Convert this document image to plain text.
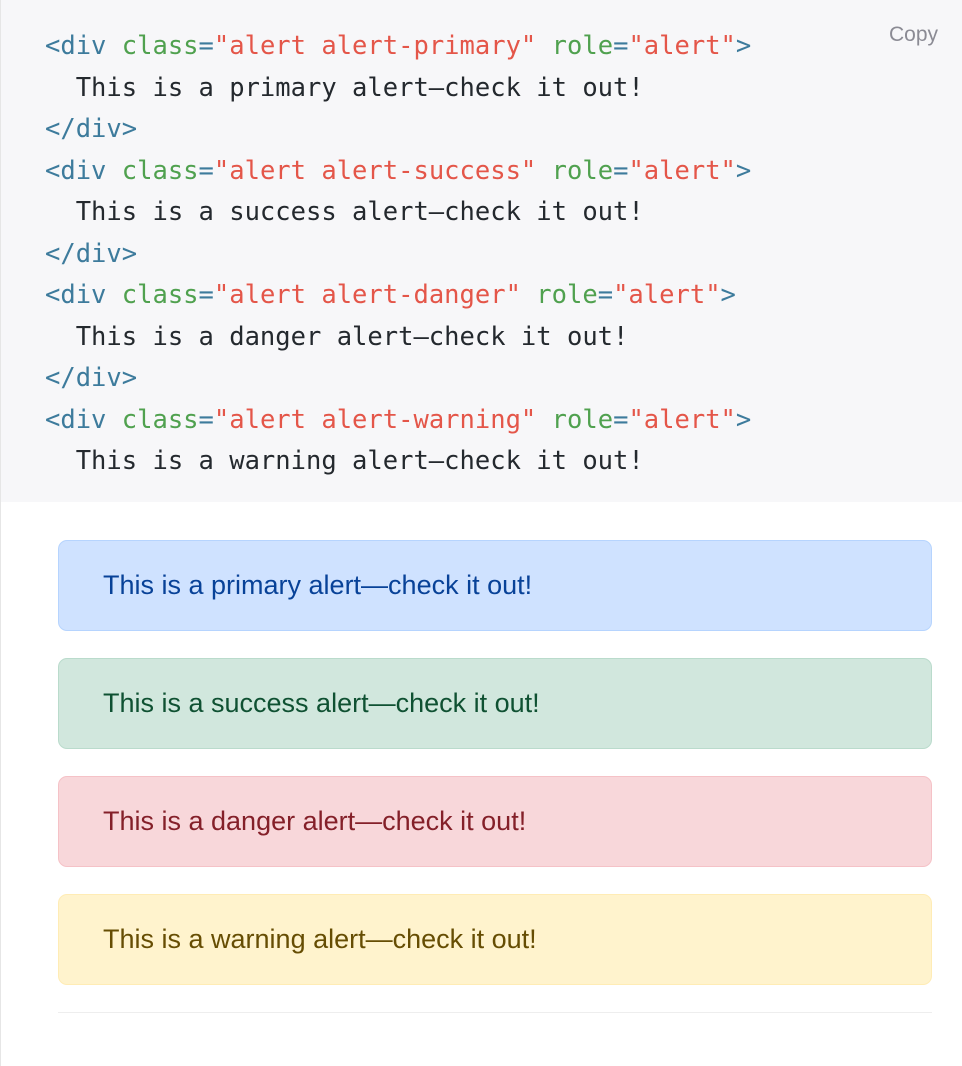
Copy
<div class="alert alert-primary" role="alert">
This is a primary alert—check it out!
</div>
<div class="alert alert-success" role="alert">
This is a success alert—check it out!
</div>
<div class="alert alert-danger" role="alert">
This is a danger alert—check it out!
</div>
<div class="alert alert-warning" role="alert">
This is a warning alert—check it out!
This is a primary alert—check it out!
This is a success alert—check it out!
This is a danger alert—check it out!
This is a warning alert—check it out!
